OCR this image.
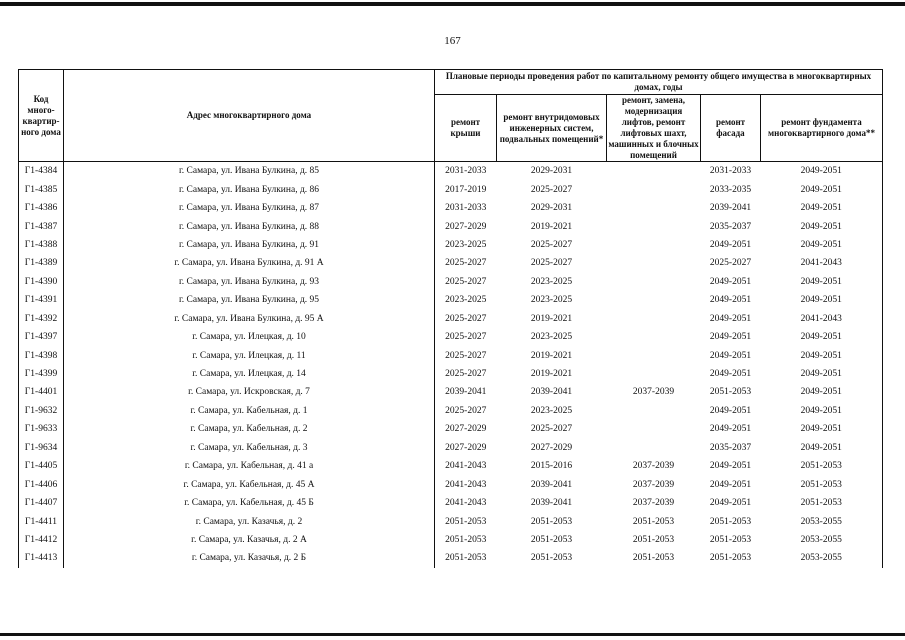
167
Код много-квартир-ного дома	Адрес многоквартирного дома	Плановые периоды проведения работ по капитальному ремонту общего имущества в многоквартирных домах, годы				
		ремонт крыши	ремонт внутридомовых инженерных систем, подвальных помещений*	ремонт, замена, модернизация лифтов, ремонт лифтовых шахт, машинных и блочных помещений	ремонт фасада	ремонт фундамента многоквартирного дома**
Г1-4384	г. Самара, ул. Ивана Булкина, д. 85	2031-2033	2029-2031		2031-2033	2049-2051
Г1-4385	г. Самара, ул. Ивана Булкина, д. 86	2017-2019	2025-2027		2033-2035	2049-2051
Г1-4386	г. Самара, ул. Ивана Булкина, д. 87	2031-2033	2029-2031		2039-2041	2049-2051
Г1-4387	г. Самара, ул. Ивана Булкина, д. 88	2027-2029	2019-2021		2035-2037	2049-2051
Г1-4388	г. Самара, ул. Ивана Булкина, д. 91	2023-2025	2025-2027		2049-2051	2049-2051
Г1-4389	г. Самара, ул. Ивана Булкина, д. 91 А	2025-2027	2025-2027		2025-2027	2041-2043
Г1-4390	г. Самара, ул. Ивана Булкина, д. 93	2025-2027	2023-2025		2049-2051	2049-2051
Г1-4391	г. Самара, ул. Ивана Булкина, д. 95	2023-2025	2023-2025		2049-2051	2049-2051
Г1-4392	г. Самара, ул. Ивана Булкина, д. 95 А	2025-2027	2019-2021		2049-2051	2041-2043
Г1-4397	г. Самара, ул. Илецкая, д. 10	2025-2027	2023-2025		2049-2051	2049-2051
Г1-4398	г. Самара, ул. Илецкая, д. 11	2025-2027	2019-2021		2049-2051	2049-2051
Г1-4399	г. Самара, ул. Илецкая, д. 14	2025-2027	2019-2021		2049-2051	2049-2051
Г1-4401	г. Самара, ул. Искровская, д. 7	2039-2041	2039-2041	2037-2039	2051-2053	2049-2051
Г1-9632	г. Самара, ул. Кабельная, д. 1	2025-2027	2023-2025		2049-2051	2049-2051
Г1-9633	г. Самара, ул. Кабельная, д. 2	2027-2029	2025-2027		2049-2051	2049-2051
Г1-9634	г. Самара, ул. Кабельная, д. 3	2027-2029	2027-2029		2035-2037	2049-2051
Г1-4405	г. Самара, ул. Кабельная, д. 41 а	2041-2043	2015-2016	2037-2039	2049-2051	2051-2053
Г1-4406	г. Самара, ул. Кабельная, д. 45 А	2041-2043	2039-2041	2037-2039	2049-2051	2051-2053
Г1-4407	г. Самара, ул. Кабельная, д. 45 Б	2041-2043	2039-2041	2037-2039	2049-2051	2051-2053
Г1-4411	г. Самара, ул. Казачья, д. 2	2051-2053	2051-2053	2051-2053	2051-2053	2053-2055
Г1-4412	г. Самара, ул. Казачья, д. 2 А	2051-2053	2051-2053	2051-2053	2051-2053	2053-2055
Г1-4413	г. Самара, ул. Казачья, д. 2 Б	2051-2053	2051-2053	2051-2053	2051-2053	2053-2055
